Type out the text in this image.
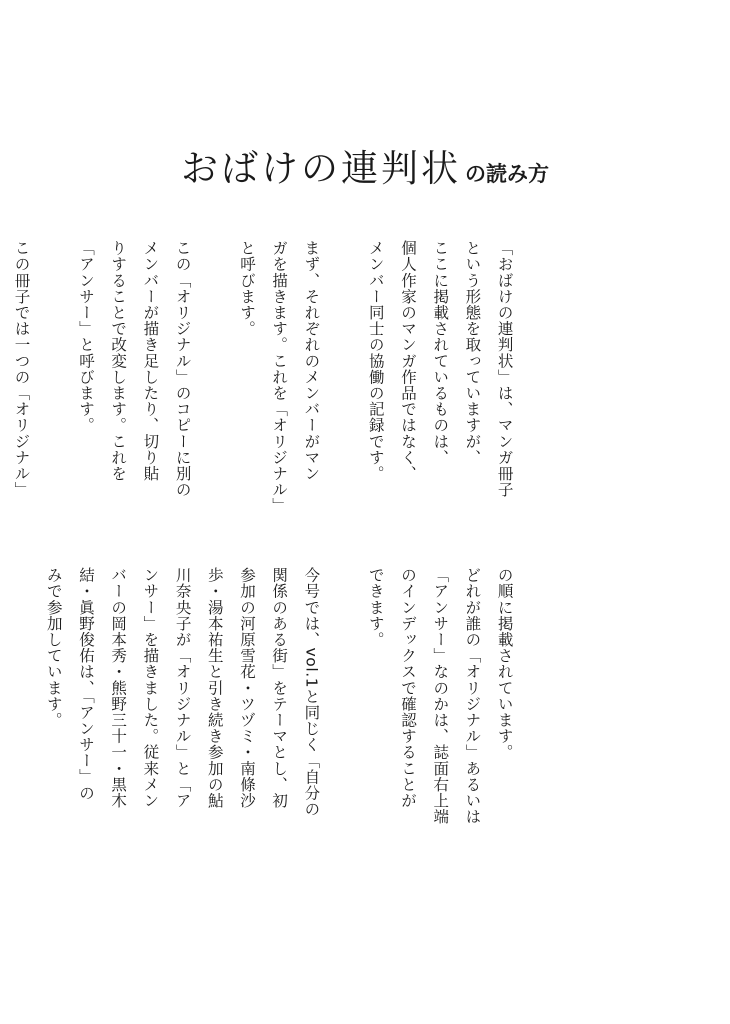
おばけの連判状 の読み方

「おばけの連判状」は、マンガ冊子
という形態を取っていますが、
ここに掲載されているものは、
個人作家のマンガ作品ではなく、
メンバー同士の協働の記録です。

まず、それぞれのメンバーがマン
ガを描きます。これを「オリジナル」
と呼びます。

この「オリジナル」のコピーに別の
メンバーが描き足したり、切り貼
りすることで改変します。これを
「アンサー」と呼びます。

この冊子では一つの「オリジナル」

の順に掲載されています。
どれが誰の「オリジナル」あるいは
「アンサー」なのかは、誌面右上端
のインデックスで確認することが
できます。

今号では、vol.1と同じく「自分の
関係のある街」をテーマとし、初
参加の河原雪花・ツヅミ・南條沙
歩・湯本祐生と引き続き参加の鮎
川奈央子が「オリジナル」と「ア
ンサー」を描きました。従来メン
バーの岡本秀・熊野三十一・黒木
結・眞野俊佑は、「アンサー」の
みで参加しています。
